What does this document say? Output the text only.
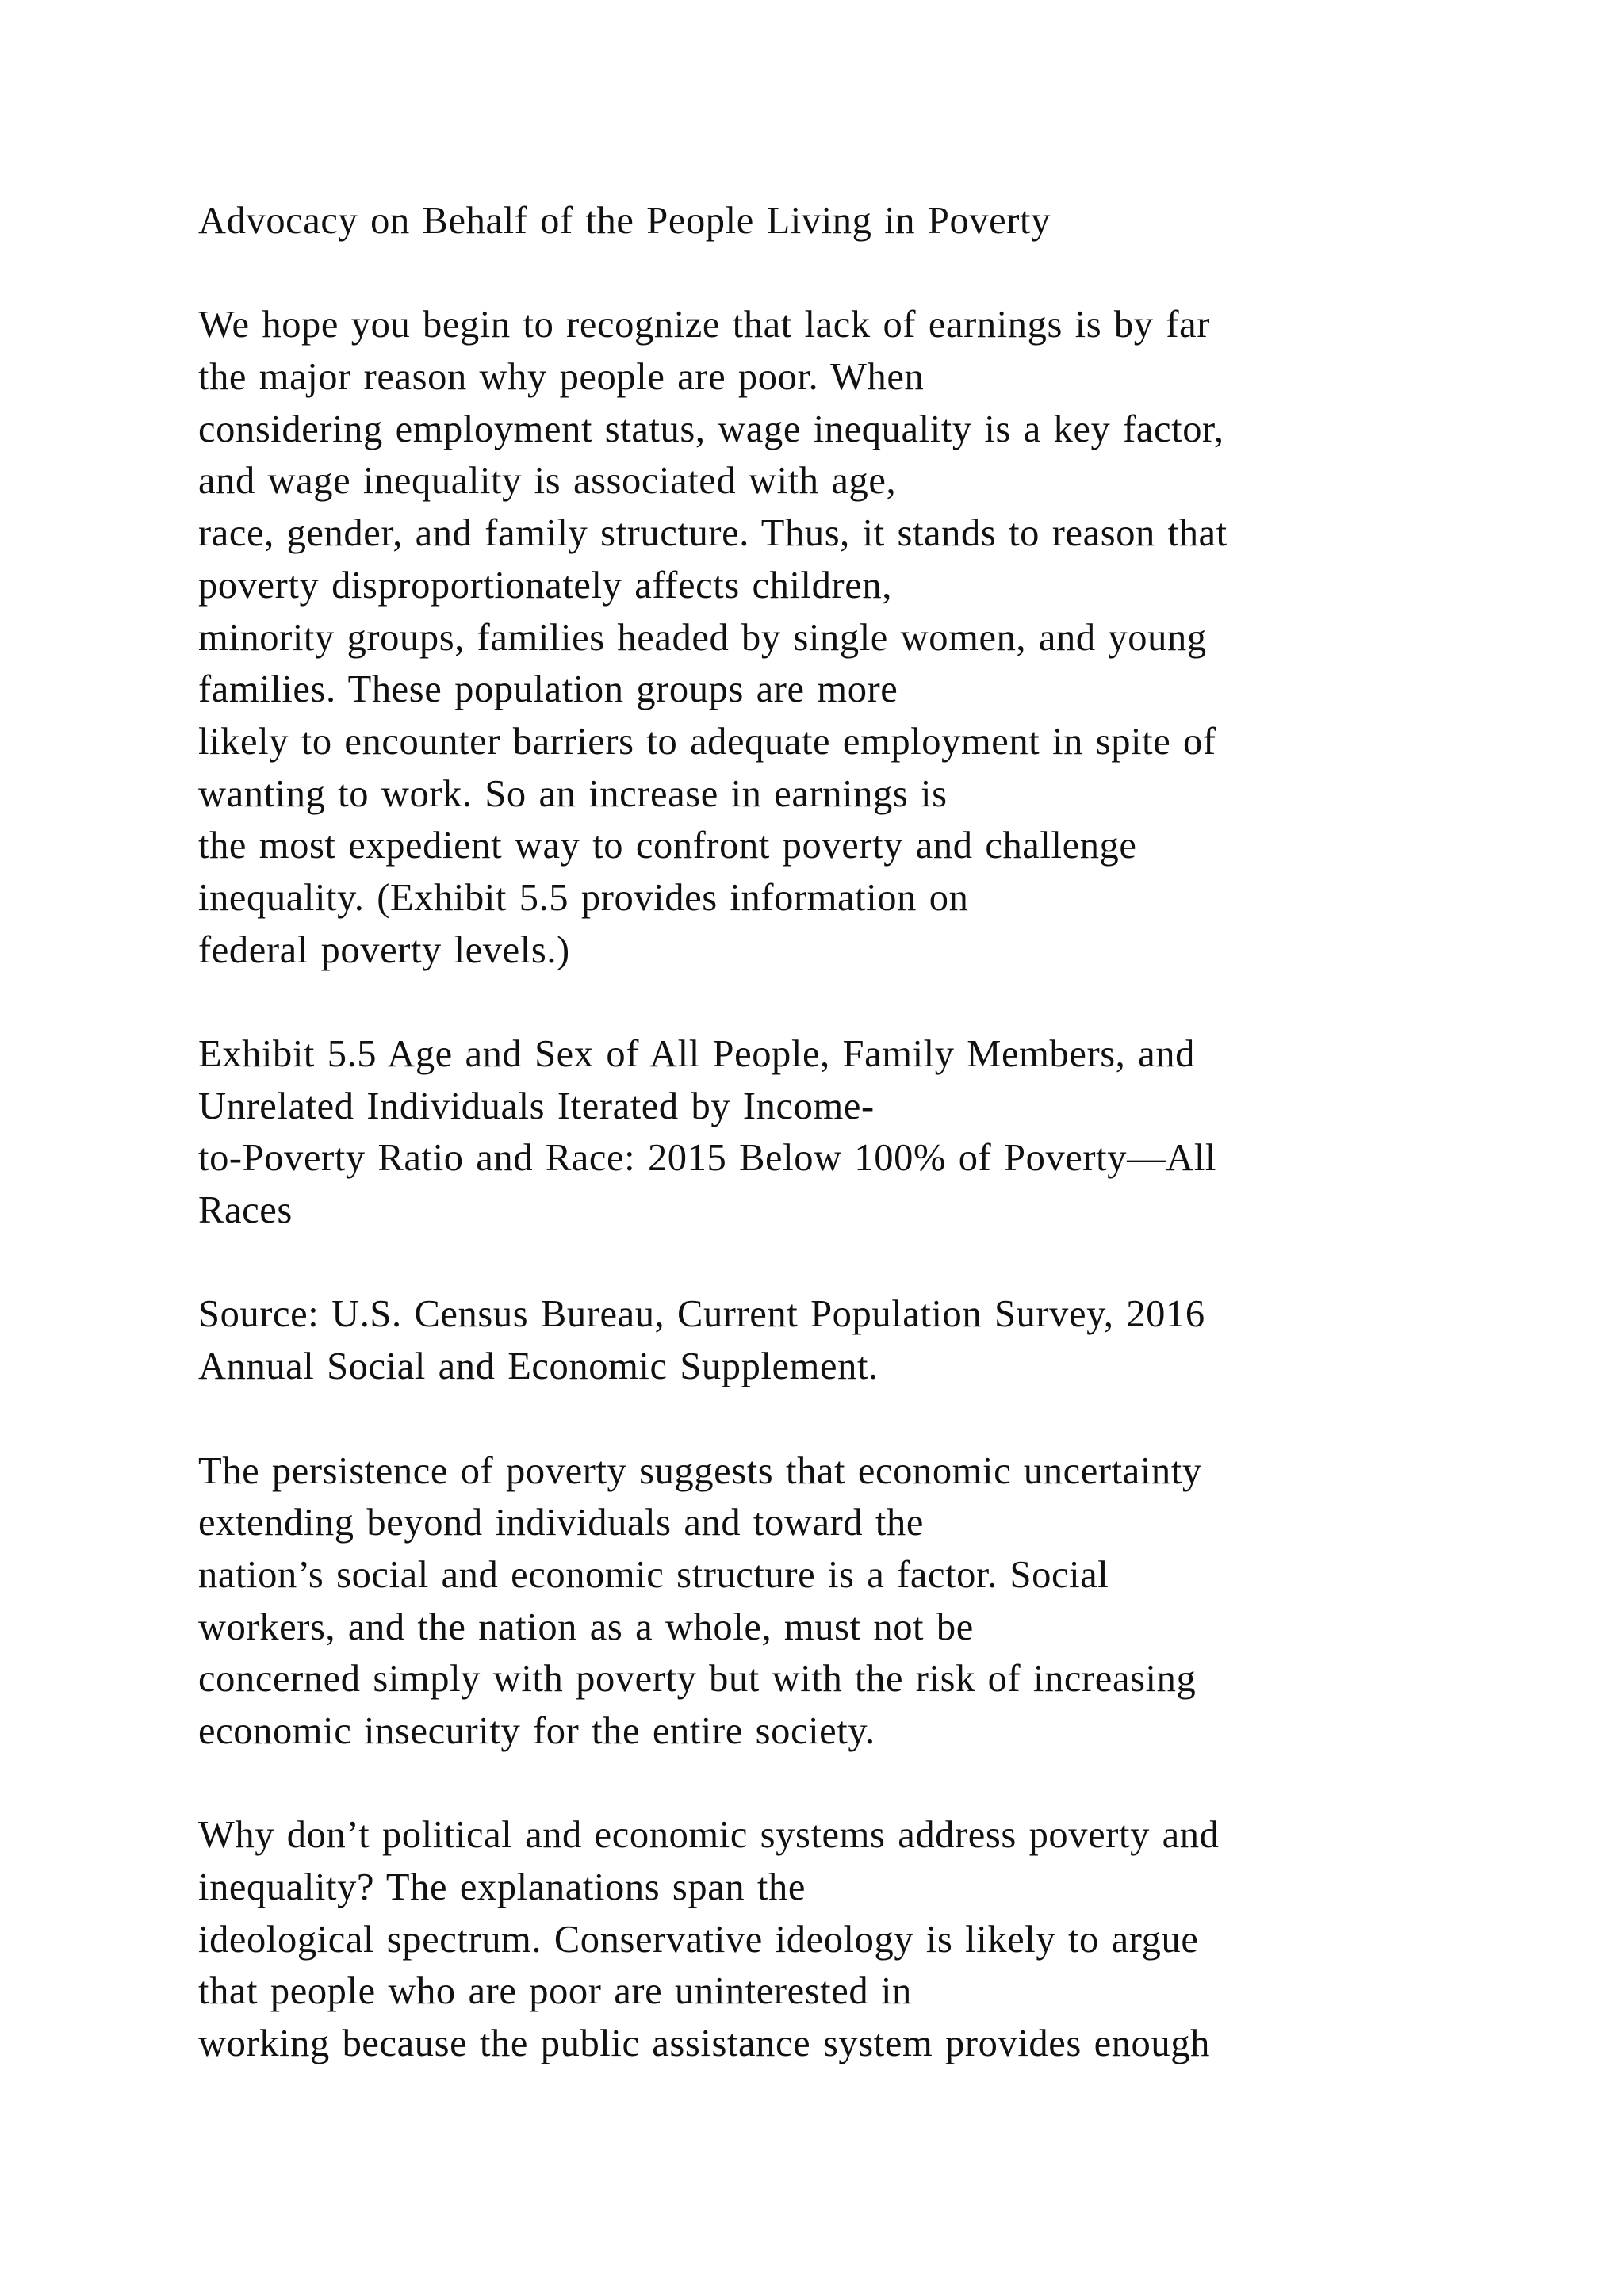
Advocacy on Behalf of the People Living in Poverty
We hope you begin to recognize that lack of earnings is by far
the major reason why people are poor. When
considering employment status, wage inequality is a key factor,
and wage inequality is associated with age,
race, gender, and family structure. Thus, it stands to reason that
poverty disproportionately affects children,
minority groups, families headed by single women, and young
families. These population groups are more
likely to encounter barriers to adequate employment in spite of
wanting to work. So an increase in earnings is
the most expedient way to confront poverty and challenge
inequality. (Exhibit 5.5 provides information on
federal poverty levels.)
Exhibit 5.5 Age and Sex of All People, Family Members, and
Unrelated Individuals Iterated by Income-
to-Poverty Ratio and Race: 2015 Below 100% of Poverty—All
Races
Source: U.S. Census Bureau, Current Population Survey, 2016
Annual Social and Economic Supplement.
The persistence of poverty suggests that economic uncertainty
extending beyond individuals and toward the
nation’s social and economic structure is a factor. Social
workers, and the nation as a whole, must not be
concerned simply with poverty but with the risk of increasing
economic insecurity for the entire society.
Why don’t political and economic systems address poverty and
inequality? The explanations span the
ideological spectrum. Conservative ideology is likely to argue
that people who are poor are uninterested in
working because the public assistance system provides enough
